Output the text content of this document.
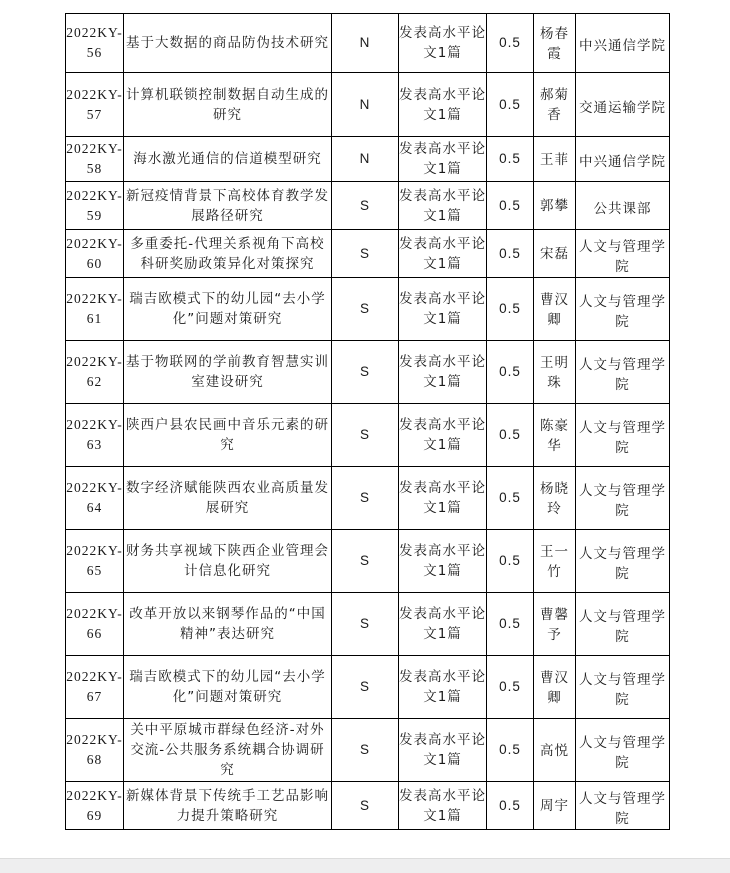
2022KY-56	基于大数据的商品防伪技术研究	N	发表高水平论文1篇	0.5	杨春霞	中兴通信学院
2022KY-57	计算机联锁控制数据自动生成的研究	N	发表高水平论文1篇	0.5	郝菊香	交通运输学院
2022KY-58	海水激光通信的信道模型研究	N	发表高水平论文1篇	0.5	王菲	中兴通信学院
2022KY-59	新冠疫情背景下高校体育教学发展路径研究	S	发表高水平论文1篇	0.5	郭攀	公共课部
2022KY-60	多重委托-代理关系视角下高校科研奖励政策异化对策探究	S	发表高水平论文1篇	0.5	宋磊	人文与管理学院
2022KY-61	瑞吉欧模式下的幼儿园“去小学化”问题对策研究	S	发表高水平论文1篇	0.5	曹汉卿	人文与管理学院
2022KY-62	基于物联网的学前教育智慧实训室建设研究	S	发表高水平论文1篇	0.5	王明珠	人文与管理学院
2022KY-63	陕西户县农民画中音乐元素的研究	S	发表高水平论文1篇	0.5	陈豪华	人文与管理学院
2022KY-64	数字经济赋能陕西农业高质量发展研究	S	发表高水平论文1篇	0.5	杨晓玲	人文与管理学院
2022KY-65	财务共享视域下陕西企业管理会计信息化研究	S	发表高水平论文1篇	0.5	王一竹	人文与管理学院
2022KY-66	改革开放以来钢琴作品的“中国精神”表达研究	S	发表高水平论文1篇	0.5	曹馨予	人文与管理学院
2022KY-67	瑞吉欧模式下的幼儿园“去小学化”问题对策研究	S	发表高水平论文1篇	0.5	曹汉卿	人文与管理学院
2022KY-68	关中平原城市群绿色经济-对外交流-公共服务系统耦合协调研究	S	发表高水平论文1篇	0.5	高悦	人文与管理学院
2022KY-69	新媒体背景下传统手工艺品影响力提升策略研究	S	发表高水平论文1篇	0.5	周宇	人文与管理学院
